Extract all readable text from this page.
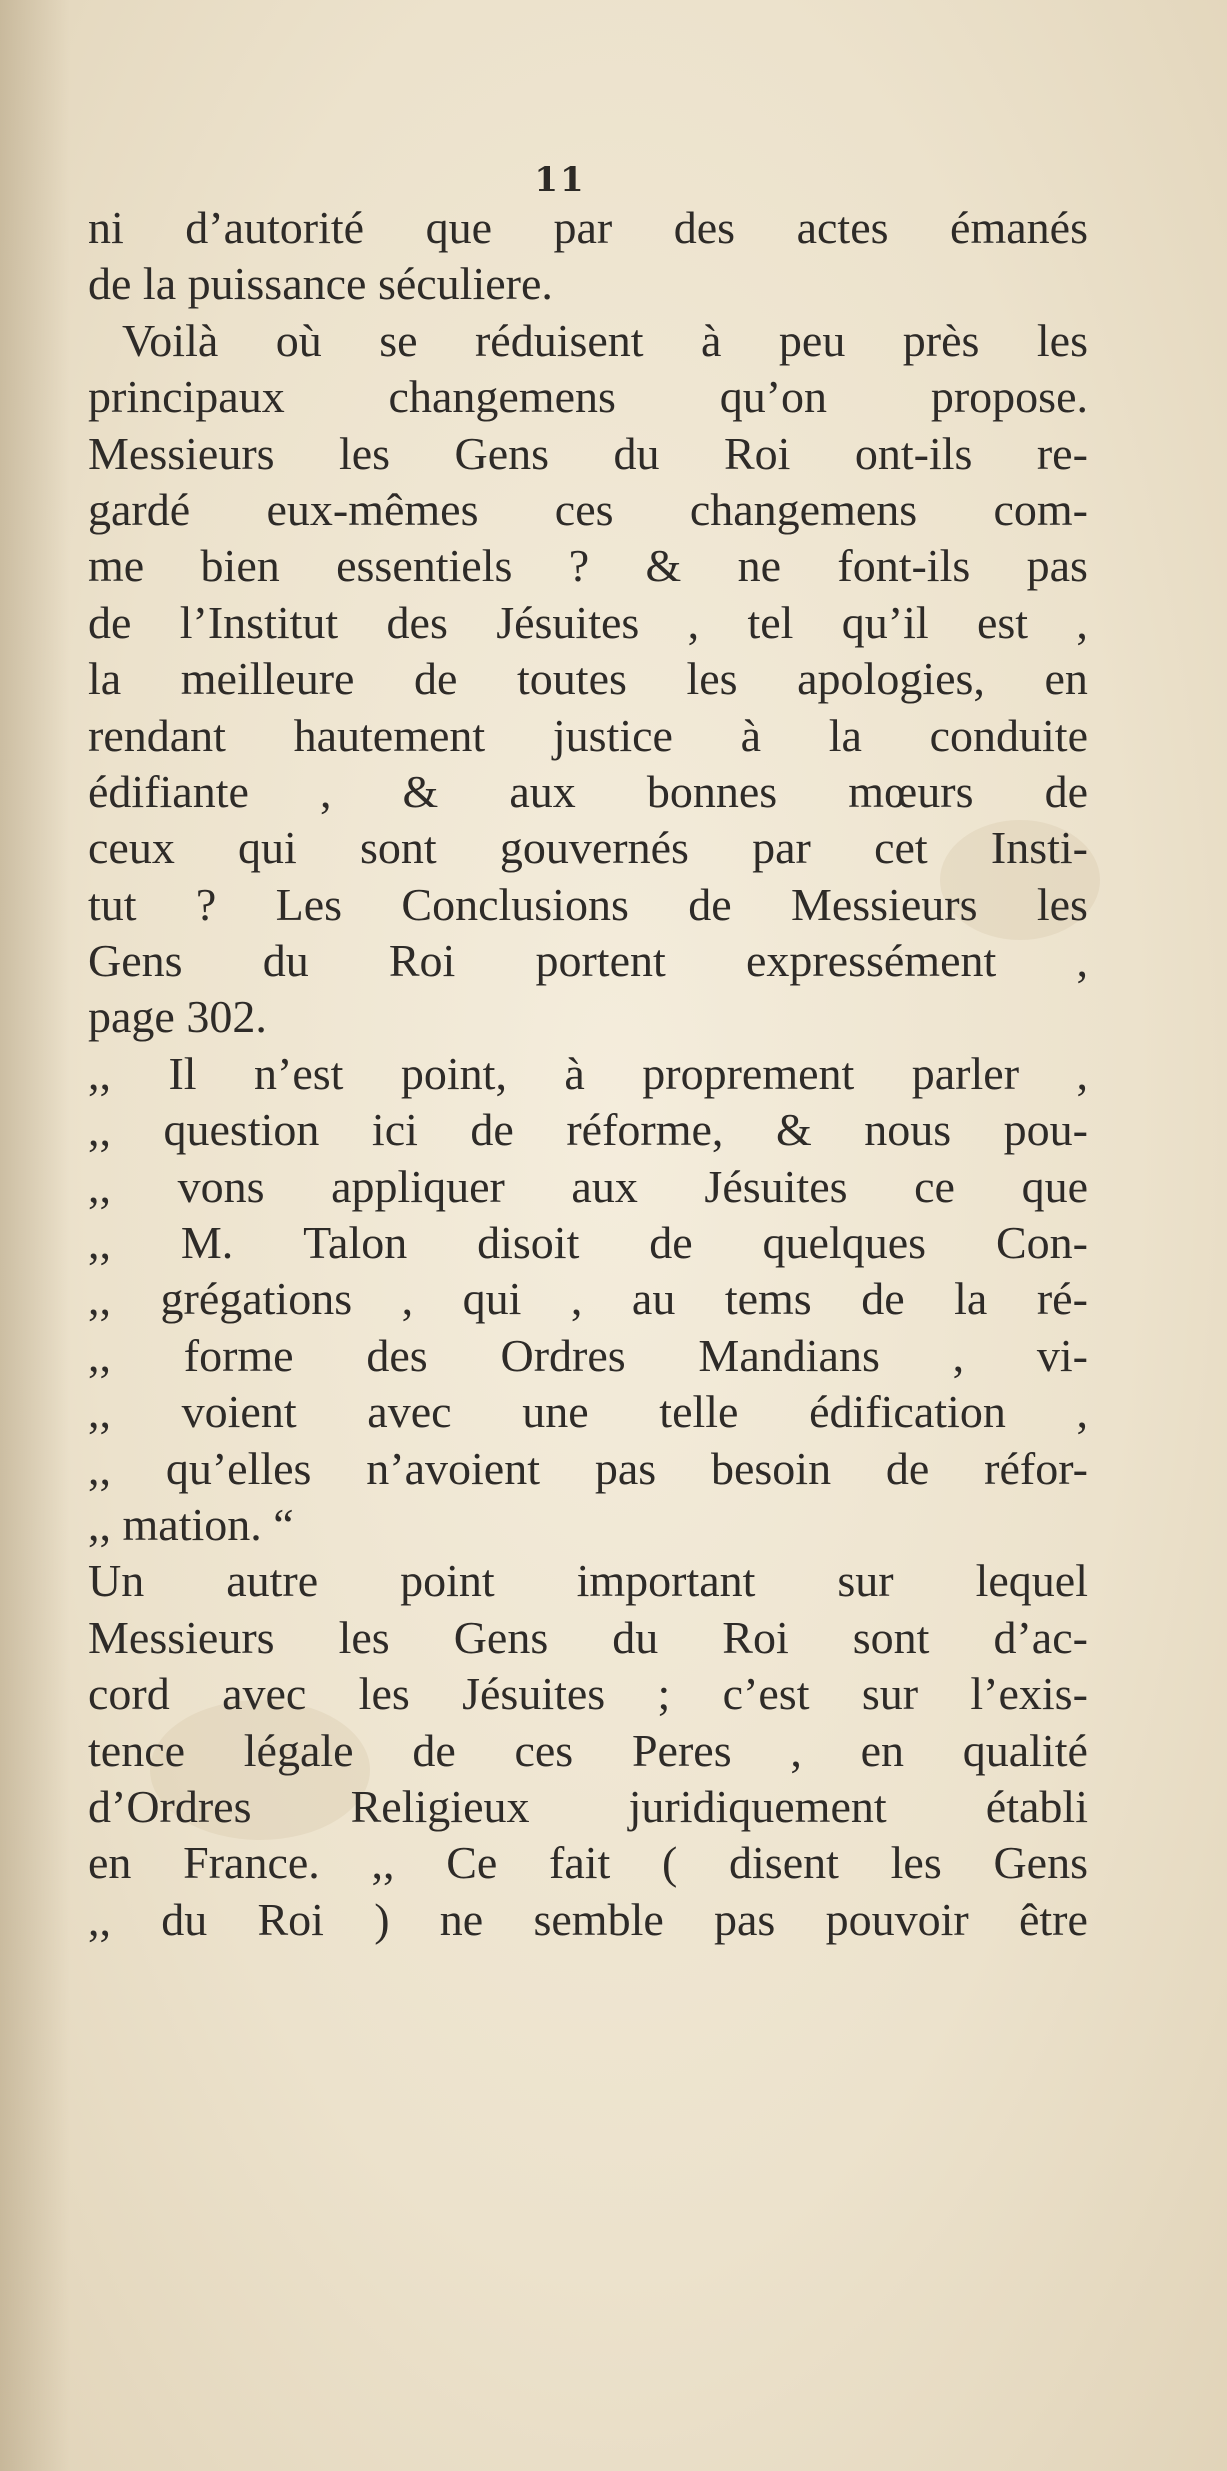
11
ni d’autorité que par des actes émanés
de la puissance séculiere.
Voilà où se réduisent à peu près les
principaux changemens qu’on propose.
Messieurs les Gens du Roi ont-ils re-
gardé eux-mêmes ces changemens com-
me bien essentiels ? & ne font-ils pas
de l’Institut des Jésuites , tel qu’il est ,
la meilleure de toutes les apologies, en
rendant hautement justice à la conduite
édifiante , & aux bonnes mœurs de
ceux qui sont gouvernés par cet Insti-
tut ? Les Conclusions de Messieurs les
Gens du Roi portent expressément ,
page 302.
,, Il n’est point, à proprement parler ,
,, question ici de réforme, & nous pou-
,, vons appliquer aux Jésuites ce que
,, M. Talon disoit de quelques Con-
,, grégations , qui , au tems de la ré-
,, forme des Ordres Mandians , vi-
,, voient avec une telle édification ,
,, qu’elles n’avoient pas besoin de réfor-
,, mation. “
Un autre point important sur lequel
Messieurs les Gens du Roi sont d’ac-
cord avec les Jésuites ; c’est sur l’exis-
tence légale de ces Peres , en qualité
d’Ordres Religieux juridiquement établi
en France. ,, Ce fait ( disent les Gens
,, du Roi ) ne semble pas pouvoir être
